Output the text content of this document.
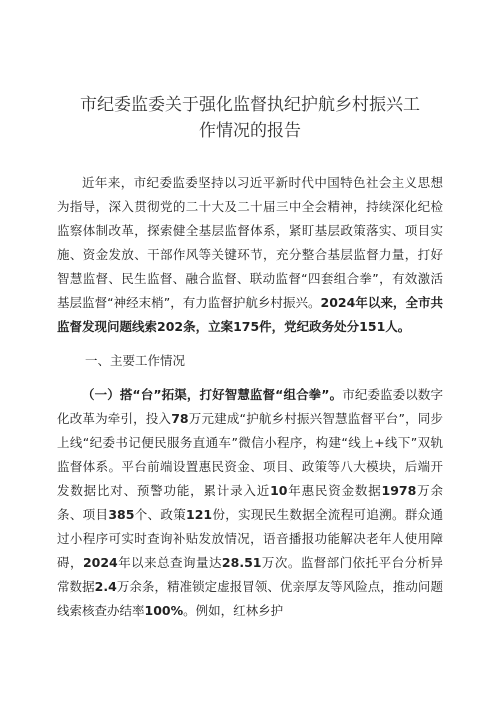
市纪委监委关于强化监督执纪护航乡村振兴工
作情况的报告

近年来，市纪委监委坚持以习近平新时代中国特色社会主义思想为指导，深入贯彻党的二十大及二十届三中全会精神，持续深化纪检监察体制改革，探索健全基层监督体系，紧盯基层政策落实、项目实施、资金发放、干部作风等关键环节，充分整合基层监督力量，打好智慧监督、民生监督、融合监督、联动监督“四套组合拳”，有效激活基层监督“神经末梢”，有力监督护航乡村振兴。2024年以来，全市共监督发现问题线索202条，立案175件，党纪政务处分151人。

一、主要工作情况

（一）搭“台”拓渠，打好智慧监督“组合拳”。市纪委监委以数字化改革为牵引，投入78万元建成“护航乡村振兴智慧监督平台”，同步上线“纪委书记便民服务直通车”微信小程序，构建“线上+线下”双轨监督体系。平台前端设置惠民资金、项目、政策等八大模块，后端开发数据比对、预警功能，累计录入近10年惠民资金数据1978万余条、项目385个、政策121份，实现民生数据全流程可追溯。群众通过小程序可实时查询补贴发放情况，语音播报功能解决老年人使用障碍，2024年以来总查询量达28.51万次。监督部门依托平台分析异常数据2.4万余条，精准锁定虚报冒领、优亲厚友等风险点，推动问题线索核查办结率100%。例如，红林乡护
